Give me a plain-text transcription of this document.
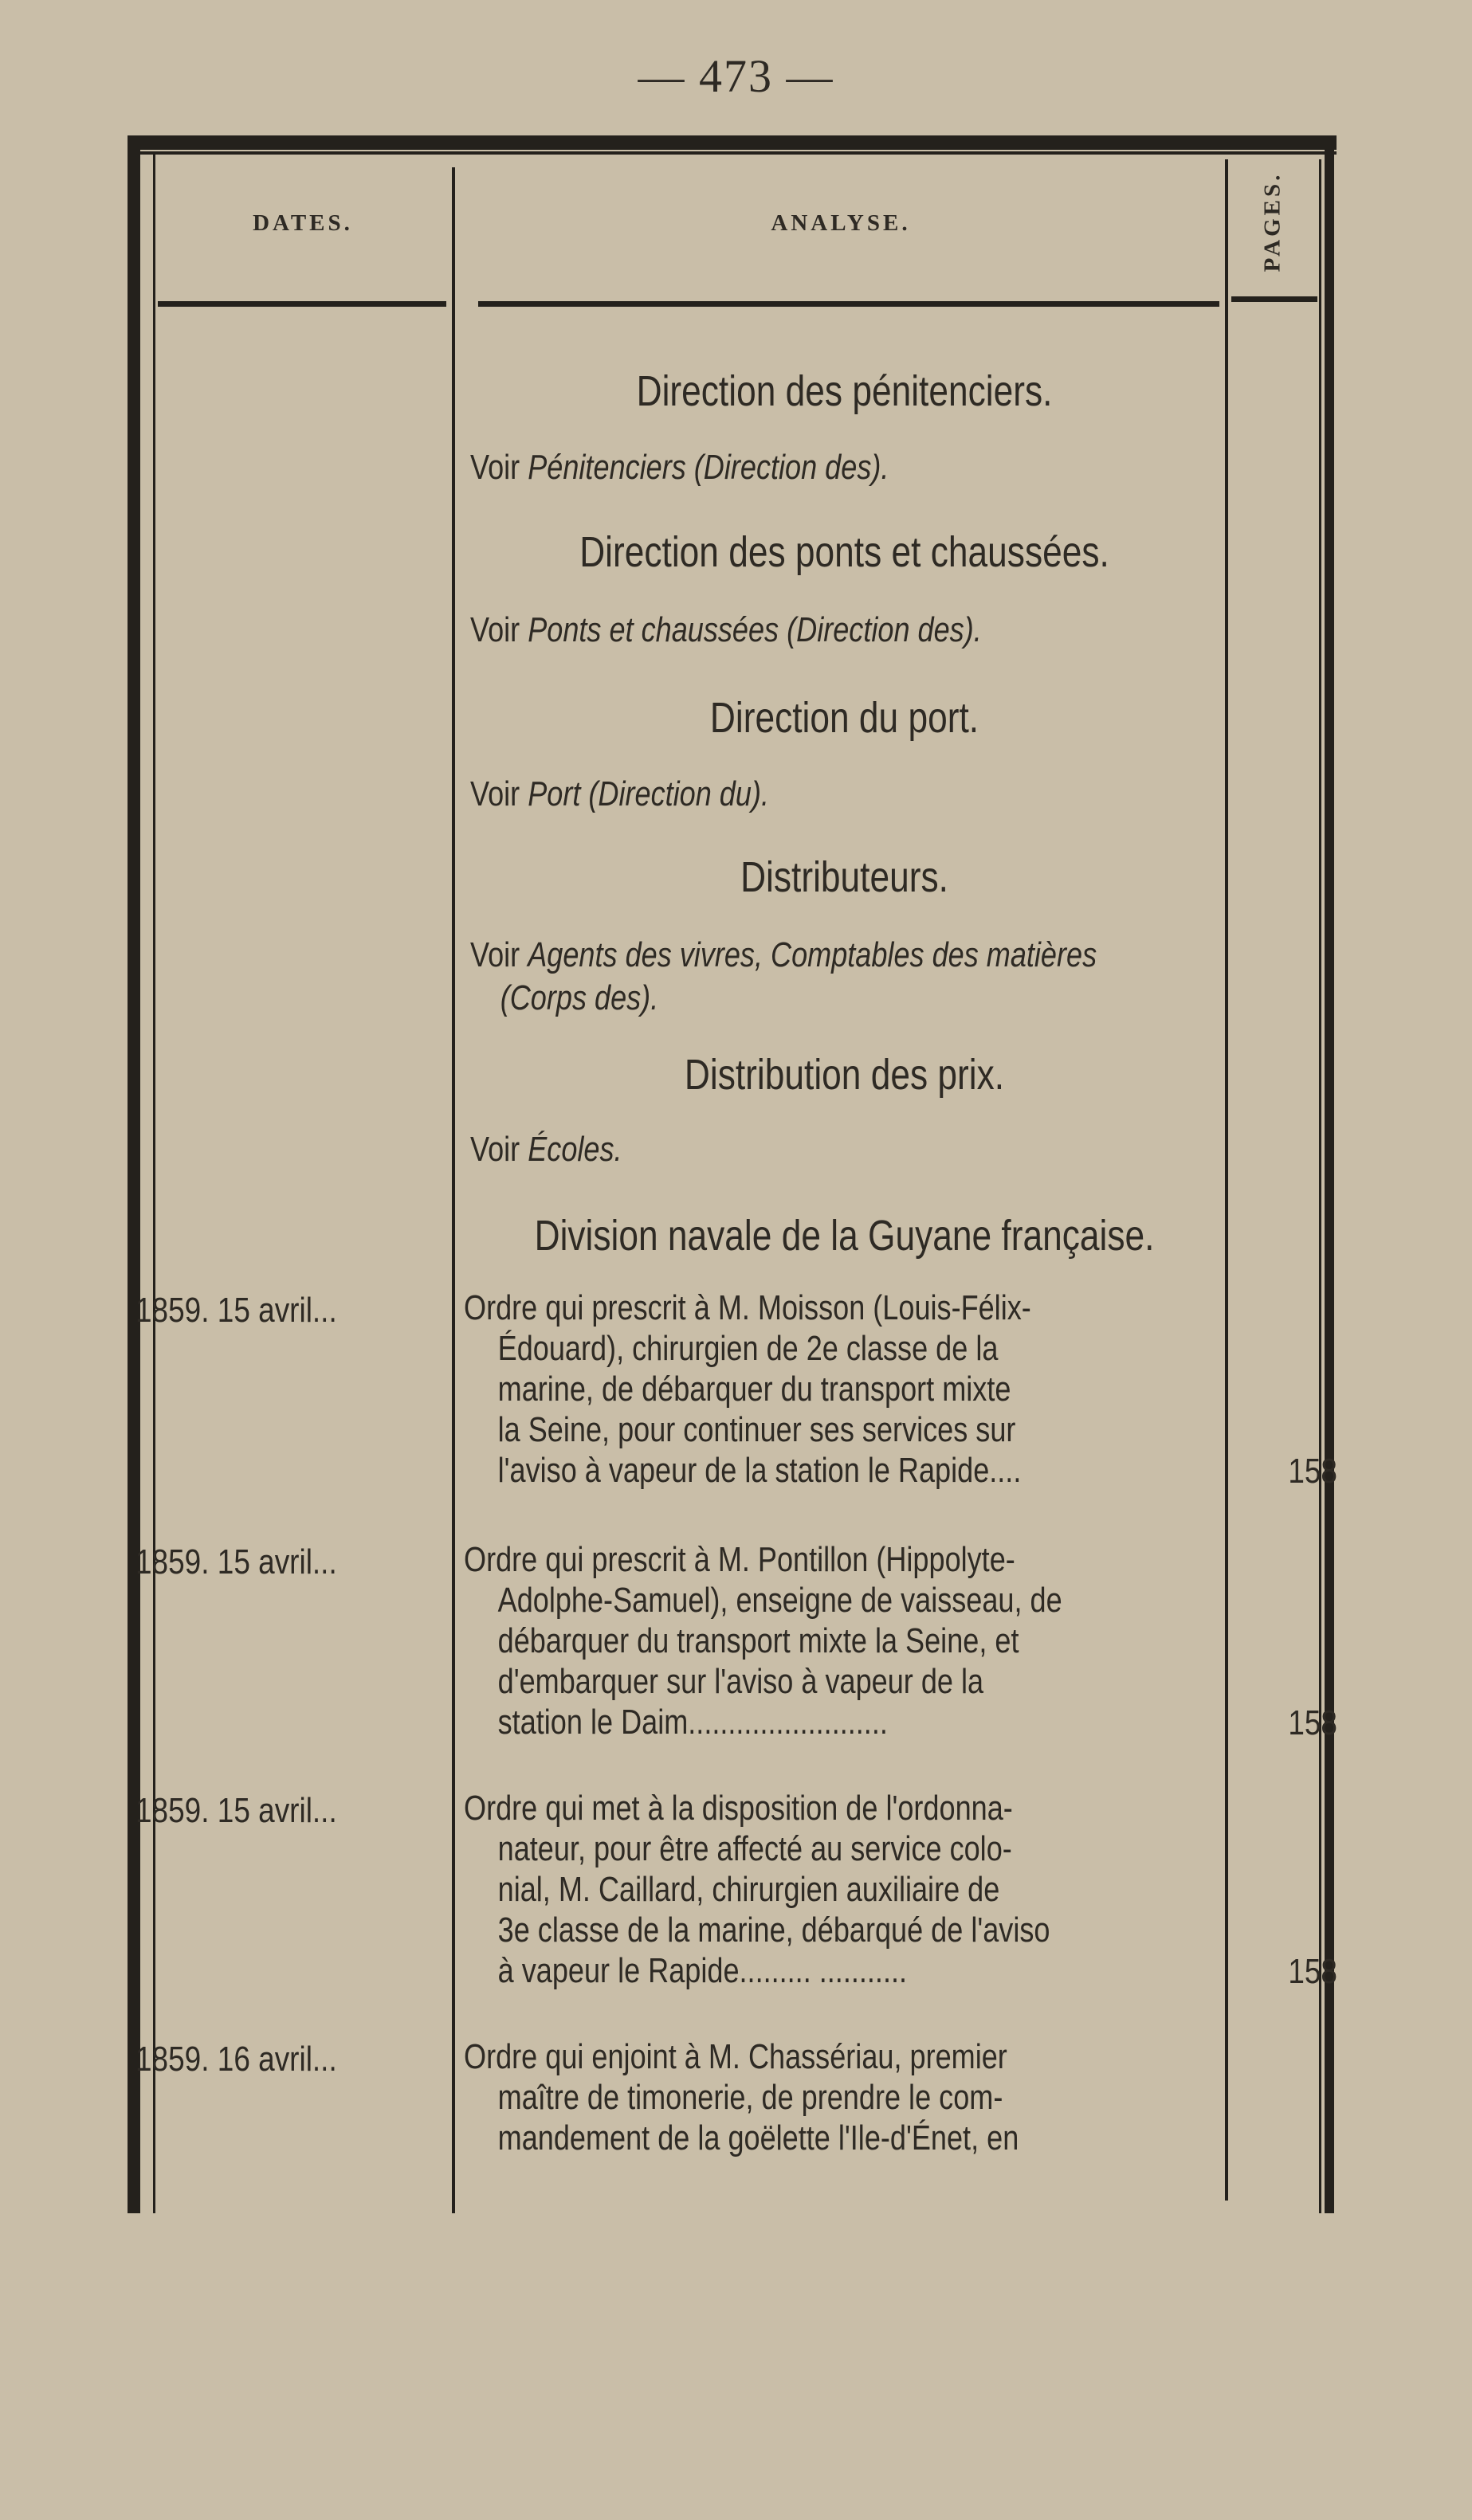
— 473 —
DATES.	ANALYSE.	PAGES.
Direction des pénitenciers.
Voir Pénitenciers (Direction des).
Direction des ponts et chaussées.
Voir Ponts et chaussées (Direction des).
Direction du port.
Voir Port (Direction du).
Distributeurs.
Voir Agents des vivres, Comptables des matières
(Corps des).
Distribution des prix.
Voir Écoles.
Division navale de la Guyane française.
1859. 15 avril...	Ordre qui prescrit à M. Moisson (Louis-Félix-
Édouard), chirurgien de 2e classe de la
marine, de débarquer du transport mixte
la Seine, pour continuer ses services sur
l'aviso à vapeur de la station le Rapide....	158
1859. 15 avril...	Ordre qui prescrit à M. Pontillon (Hippolyte-
Adolphe-Samuel), enseigne de vaisseau, de
débarquer du transport mixte la Seine, et
d'embarquer sur l'aviso à vapeur de la
station le Daim.........................	158
1859. 15 avril...	Ordre qui met à la disposition de l'ordonna-
nateur, pour être affecté au service colo-
nial, M. Caillard, chirurgien auxiliaire de
3e classe de la marine, débarqué de l'aviso
à vapeur le Rapide......... ...........	158
1859. 16 avril...	Ordre qui enjoint à M. Chassériau, premier
maître de timonerie, de prendre le com-
mandement de la goëlette l'Ile-d'Énet, en
